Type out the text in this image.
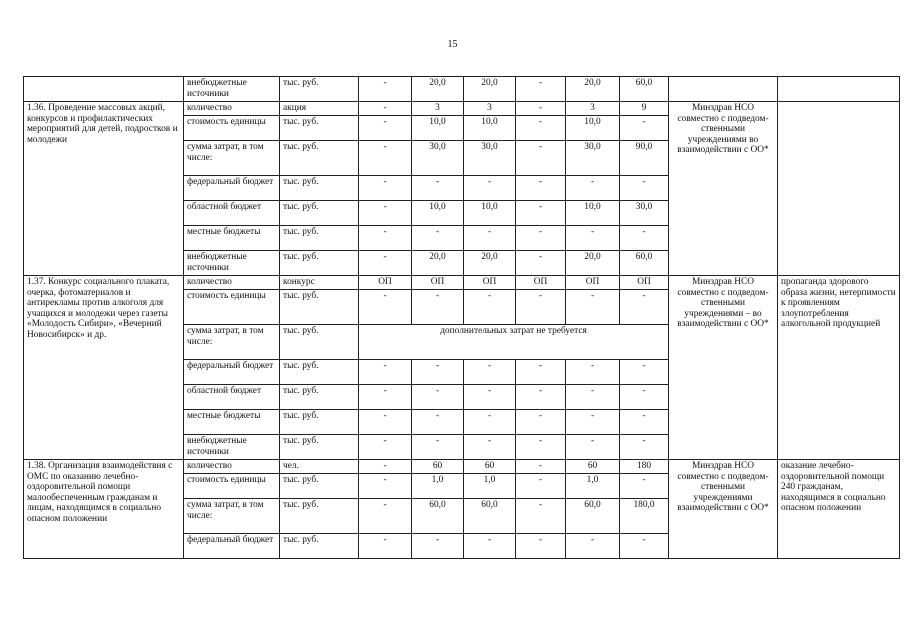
15
	внебюджетные источники	тыс. руб.	-	20,0	20,0	-	20,0	60,0		
1.36. Проведение массовых акций, конкурсов и профилактических мероприятий для детей, подростков и молодежи	количество	акция	-	3	3	-	3	9	Минздрав НСО совместно с подведом-ственными учреждениями во взаимодействии с ОО*	
	стоимость единицы	тыс. руб.	-	10,0	10,0	-	10,0	-		
	сумма затрат, в том числе:	тыс. руб.	-	30,0	30,0	-	30,0	90,0		
	федеральный бюджет	тыс. руб.	-	-	-	-	-	-		
	областной бюджет	тыс. руб.	-	10,0	10,0	-	10,0	30,0		
	местные бюджеты	тыс. руб.	-	-	-	-	-	-		
	внебюджетные источники	тыс. руб.	-	20,0	20,0	-	20,0	60,0		
1.37. Конкурс социального плаката, очерка, фотоматериалов и антирекламы против алкоголя для учащихся и молодежи через газеты «Молодость Сибири», «Вечерний Новосибирск» и др.	количество	конкурс	ОП	ОП	ОП	ОП	ОП	ОП	Минздрав НСО совместно с подведом-ственными учреждениями – во взаимодействии с ОО*	пропаганда здорового образа жизни, нетерпимости к проявлениям злоупотребления алкогольной продукцией
	стоимость единицы	тыс. руб.	-	-	-	-	-	-		
	сумма затрат, в том числе:	тыс. руб.	дополнительных затрат не требуется							
	федеральный бюджет	тыс. руб.	-	-	-	-	-	-		
	областной бюджет	тыс. руб.	-	-	-	-	-	-		
	местные бюджеты	тыс. руб.	-	-	-	-	-	-		
	внебюджетные источники	тыс. руб.	-	-	-	-	-	-		
1.38. Организация взаимодействия с ОМС по оказанию лечебно-оздоровительной помощи малообеспеченным гражданам и лицам, находящимся в социально опасном положении	количество	чел.	-	60	60	-	60	180	Минздрав НСО совместно с подведом-ственными учреждениями взаимодействии с ОО*	оказание лечебно-оздоровительной помощи 240 гражданам, находящимся в социально опасном положении
	стоимость единицы	тыс. руб.	-	1,0	1,0	-	1,0	-		
	сумма затрат, в том числе:	тыс. руб.	-	60,0	60,0	-	60,0	180,0		
	федеральный бюджет	тыс. руб.	-	-	-	-	-	-		
